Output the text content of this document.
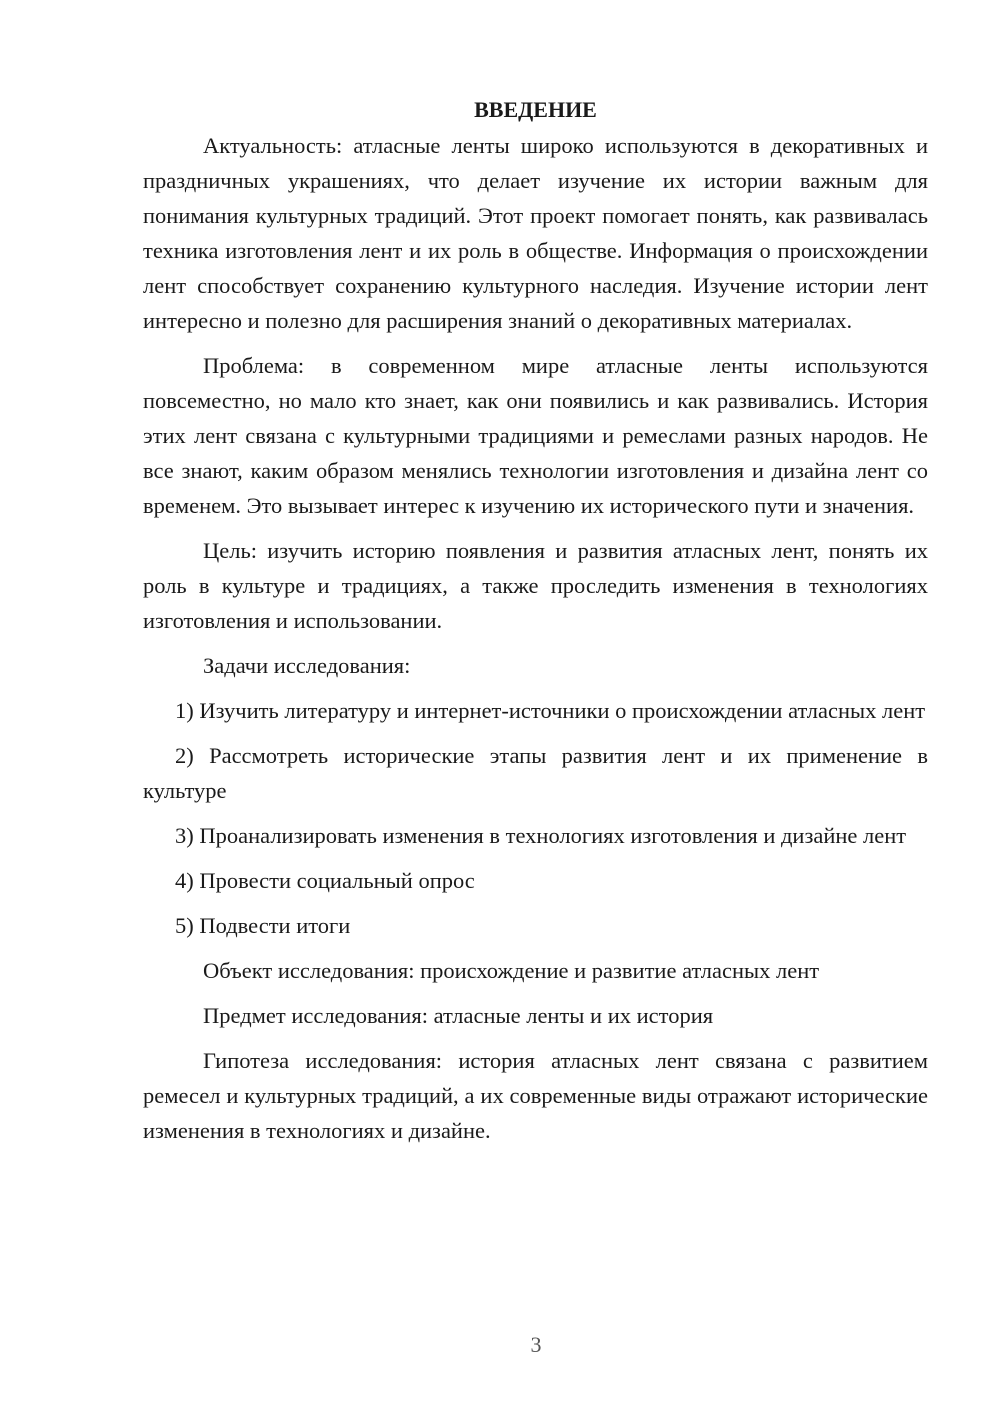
ВВЕДЕНИЕ

Актуальность: атласные ленты широко используются в декоративных и праздничных украшениях, что делает изучение их истории важным для понимания культурных традиций. Этот проект помогает понять, как развивалась техника изготовления лент и их роль в обществе. Информация о происхождении лент способствует сохранению культурного наследия. Изучение истории лент интересно и полезно для расширения знаний о декоративных материалах.

Проблема: в современном мире атласные ленты используются повсеместно, но мало кто знает, как они появились и как развивались. История этих лент связана с культурными традициями и ремеслами разных народов. Не все знают, каким образом менялись технологии изготовления и дизайна лент со временем. Это вызывает интерес к изучению их исторического пути и значения.

Цель: изучить историю появления и развития атласных лент, понять их роль в культуре и традициях, а также проследить изменения в технологиях изготовления и использовании.

Задачи исследования:

1) Изучить литературу и интернет-источники о происхождении атласных лент

2) Рассмотреть исторические этапы развития лент и их применение в культуре

3) Проанализировать изменения в технологиях изготовления и дизайне лент

4) Провести социальный опрос

5) Подвести итоги

Объект исследования: происхождение и развитие атласных лент

Предмет исследования: атласные ленты и их история

Гипотеза исследования: история атласных лент связана с развитием ремесел и культурных традиций, а их современные виды отражают исторические изменения в технологиях и дизайне.

3
